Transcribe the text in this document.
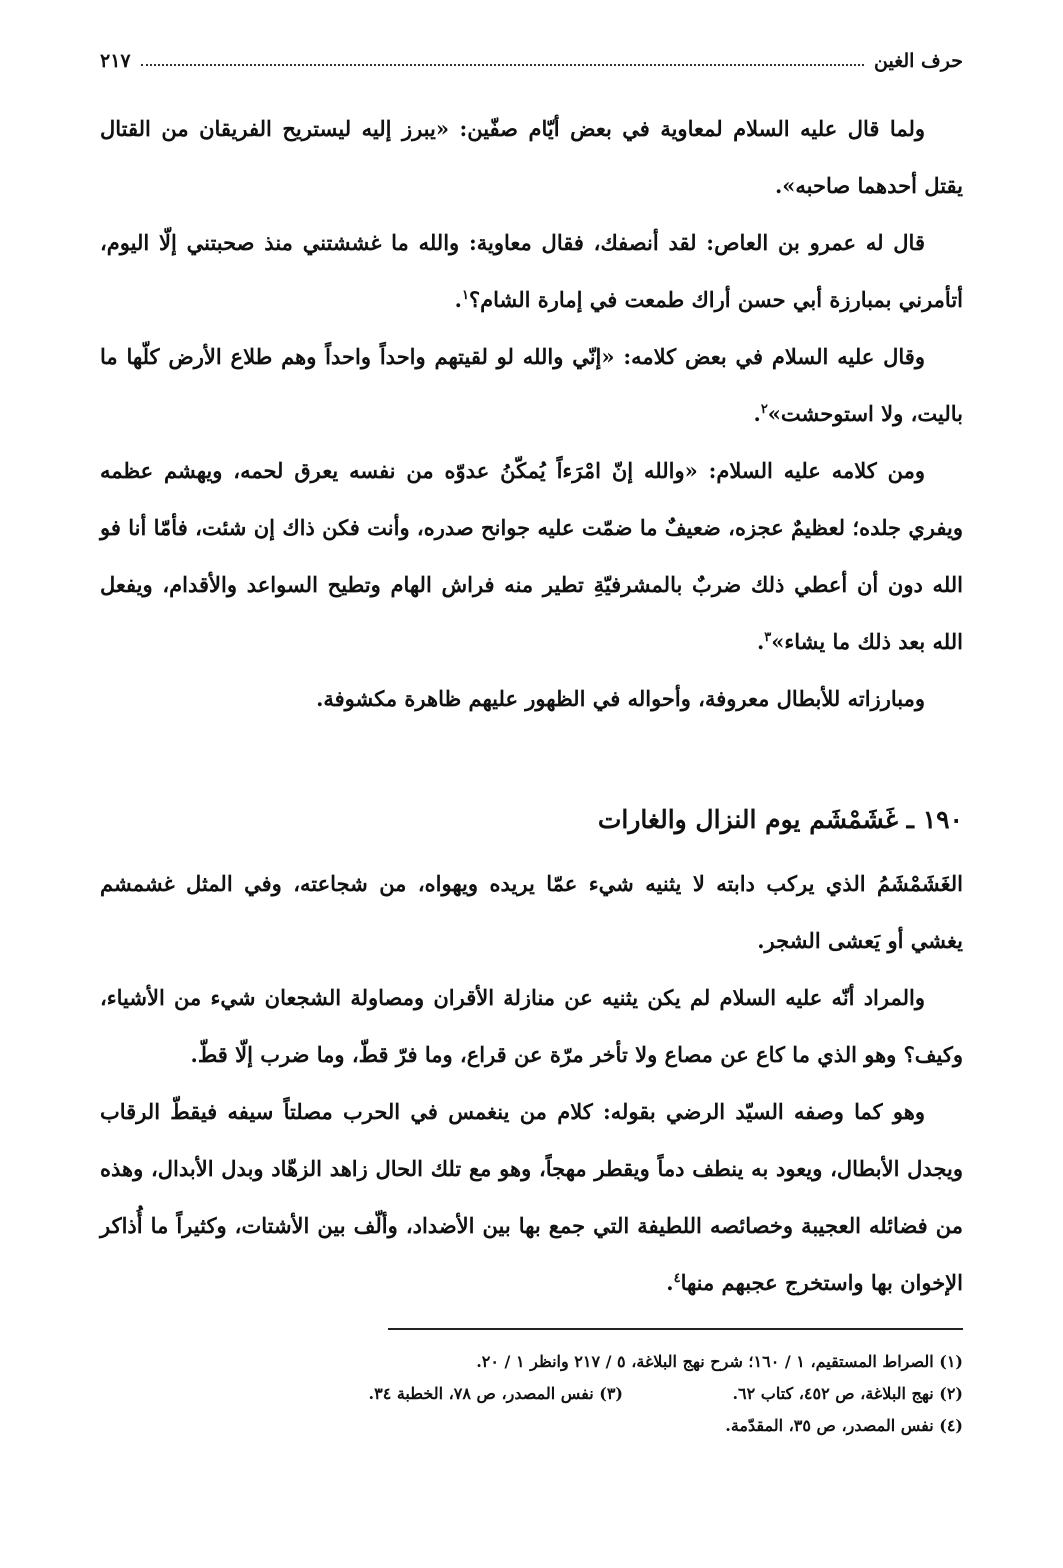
حرف الغين
٢١٧

ولما قال عليه السلام لمعاوية في بعض أيّام صفّين: «يبرز إليه ليستريح الفريقان من القتال يقتل أحدهما صاحبه».

قال له عمرو بن العاص: لقد أنصفك، فقال معاوية: والله ما غششتني منذ صحبتني إلّا اليوم، أتأمرني بمبارزة أبي حسن أراك طمعت في إمارة الشام؟$^١$.

وقال عليه السلام في بعض كلامه: «إنّي والله لو لقيتهم واحداً واحداً وهم طلاع الأرض كلّها ما باليت، ولا استوحشت»$^٢$.

ومن كلامه عليه السلام: «والله إنّ امْرَءاً يُمكّنُ عدوّه من نفسه يعرق لحمه، ويهشم عظمه ويفري جلده؛ لعظيمٌ عجزه، ضعيفٌ ما ضمّت عليه جوانح صدره، وأنت فكن ذاك إن شئت، فأمّا أنا فو الله دون أن أعطي ذلك ضربٌ بالمشرفيّةِ تطير منه فراش الهام وتطيح السواعد والأقدام، ويفعل الله بعد ذلك ما يشاء»$^٣$.

ومبارزاته للأبطال معروفة، وأحواله في الظهور عليهم ظاهرة مكشوفة.

١٩٠ ـ غَشَمْشَم يوم النزال والغارات

الغَشَمْشَمُ الذي يركب دابته لا يثنيه شيء عمّا يريده ويهواه، من شجاعته، وفي المثل غشمشم يغشي أو يَعشى الشجر.

والمراد أنّه عليه السلام لم يكن يثنيه عن منازلة الأقران ومصاولة الشجعان شيء من الأشياء، وكيف؟ وهو الذي ما كاع عن مصاع ولا تأخر مرّة عن قراع، وما فرّ قطّ، وما ضرب إلّا قطّ.

وهو كما وصفه السيّد الرضي بقوله: كلام من ينغمس في الحرب مصلتاً سيفه فيقطّ الرقاب ويجدل الأبطال، ويعود به ينطف دماً ويقطر مهجاً، وهو مع تلك الحال زاهد الزهّاد وبدل الأبدال، وهذه من فضائله العجيبة وخصائصه اللطيفة التي جمع بها بين الأضداد، وألّف بين الأشتات، وكثيراً ما أُذاكر الإخوان بها واستخرج عجبهم منها$^٤$.

(١) الصراط المستقيم، ١ / ١٦٠؛ شرح نهج البلاغة، ٥ / ٢١٧ وانظر ١ / ٢٠.

(٢) نهج البلاغة، ص ٤٥٢، كتاب ٦٢.

(٣) نفس المصدر، ص ٧٨، الخطبة ٣٤.

(٤) نفس المصدر، ص ٣٥، المقدّمة.
